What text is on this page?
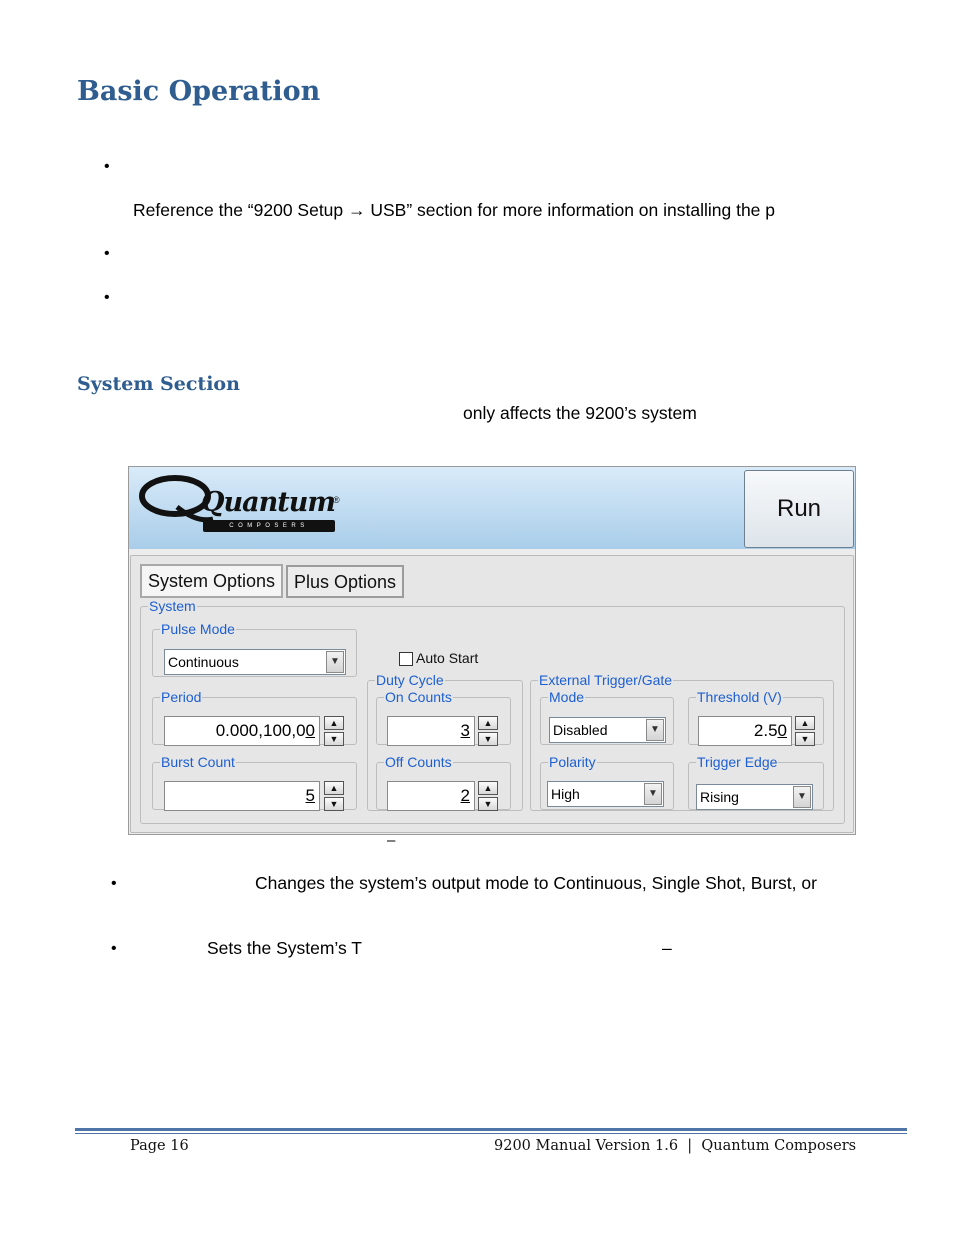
Basic Operation
•
Reference the “9200 Setup → USB” section for more information on installing the p
•
•
System Section
only affects the 9200’s system
Quantum
®
COMPOSERS
Run
System Options	Plus Options
System
Pulse Mode
Continuous	▼	Auto Start
Period
0.000,100,00	▲
▼
Burst Count
5	▲
▼
Duty Cycle
On Counts
3	▲
▼
Off Counts
2	▲
▼
External Trigger/Gate
Mode
Disabled	▼
Threshold (V)
2.50	▲
▼
Polarity
High	▼
Trigger Edge
Rising	▼
–
•	Changes the system’s output mode to Continuous, Single Shot, Burst, or
•	Sets the System’s T	–
Page 16	9200 Manual Version 1.6  |  Quantum Composers
